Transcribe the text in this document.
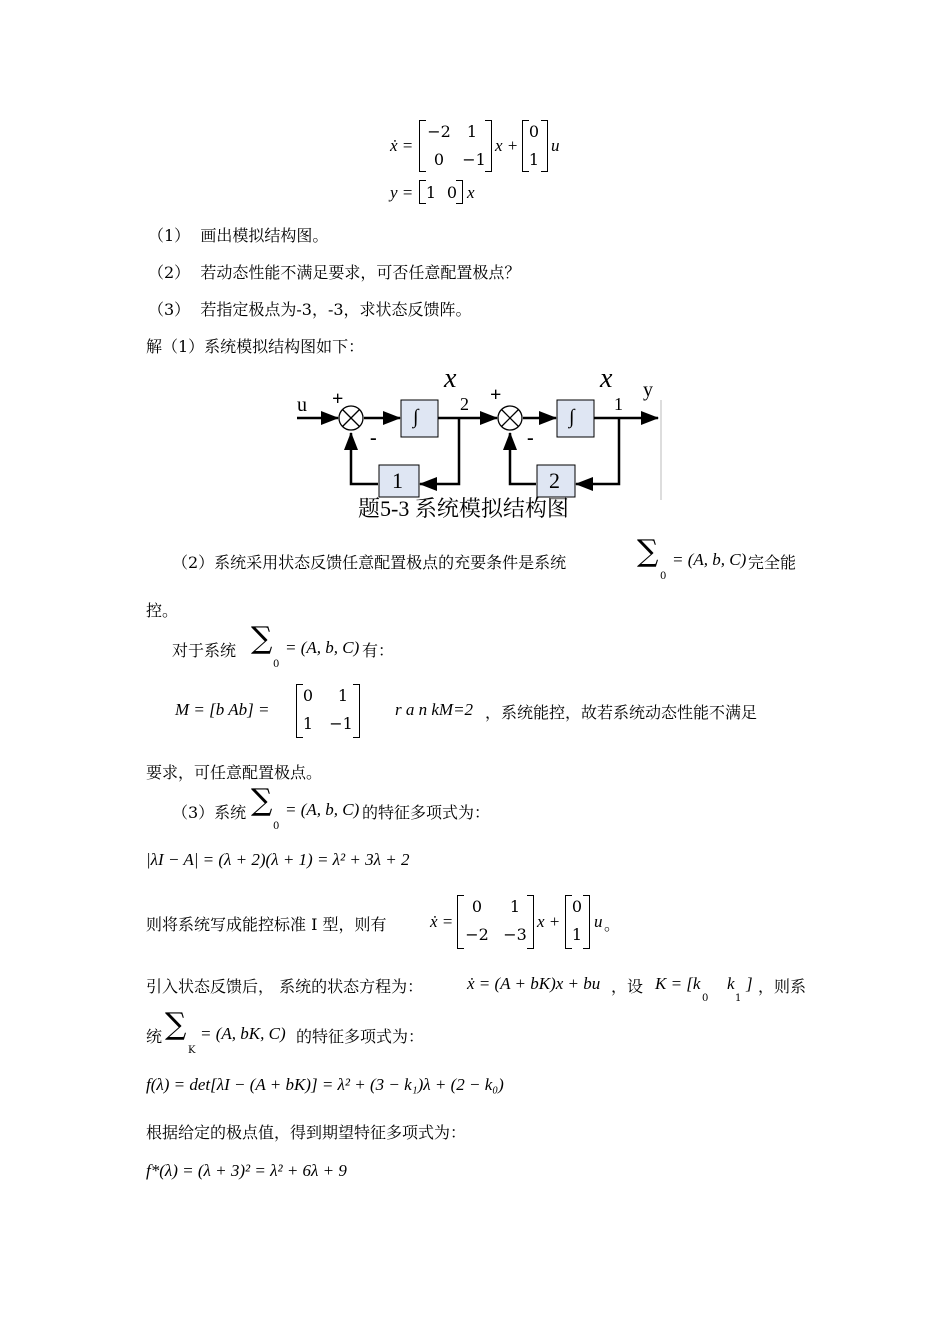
ẋ =
−2	1
0	−1
x +
0
1
u
y = 1 0 x
（1） 画出模拟结构图。
（2） 若动态性能不满足要求，可否任意配置极点？
（3） 若指定极点为-3，-3，求状态反馈阵。
解（1）系统模拟结构图如下：
u +
-
∫
x
2 +
-
∫
x
1
y
1	2
题5-3 系统模拟结构图
（2）系统采用状态反馈任意配置极点的充要条件是系统 ∑
0
= (A, b, C) 完全能
控。
对于系统 ∑
0
= (A, b, C) 有：
M = [b Ab] =
0	1
1 −1
r a n kM=2 ，系统能控，故若系统动态性能不满足
要求，可任意配置极点。
（3）系统 ∑
0
= (A, b, C) 的特征多项式为：
|λI − A| = (λ + 2)(λ + 1) = λ² + 3λ + 2
则将系统写成能控标准 I 型，则有	ẋ =
0	1
−2 −3
x +
0
1
u 。
引入状态反馈后， 系统的状态方程为：	ẋ = (A + bK)x + bu ，设 K = [k
0
k
1
] ，则系
统 ∑
K
= (A, bK, C) 的特征多项式为：
f(λ) = det[λI − (A + bK)] = λ² + (3 − k₁)λ + (2 − k₀)
根据给定的极点值，得到期望特征多项式为：
f*(λ) = (λ + 3)² = λ² + 6λ + 9
